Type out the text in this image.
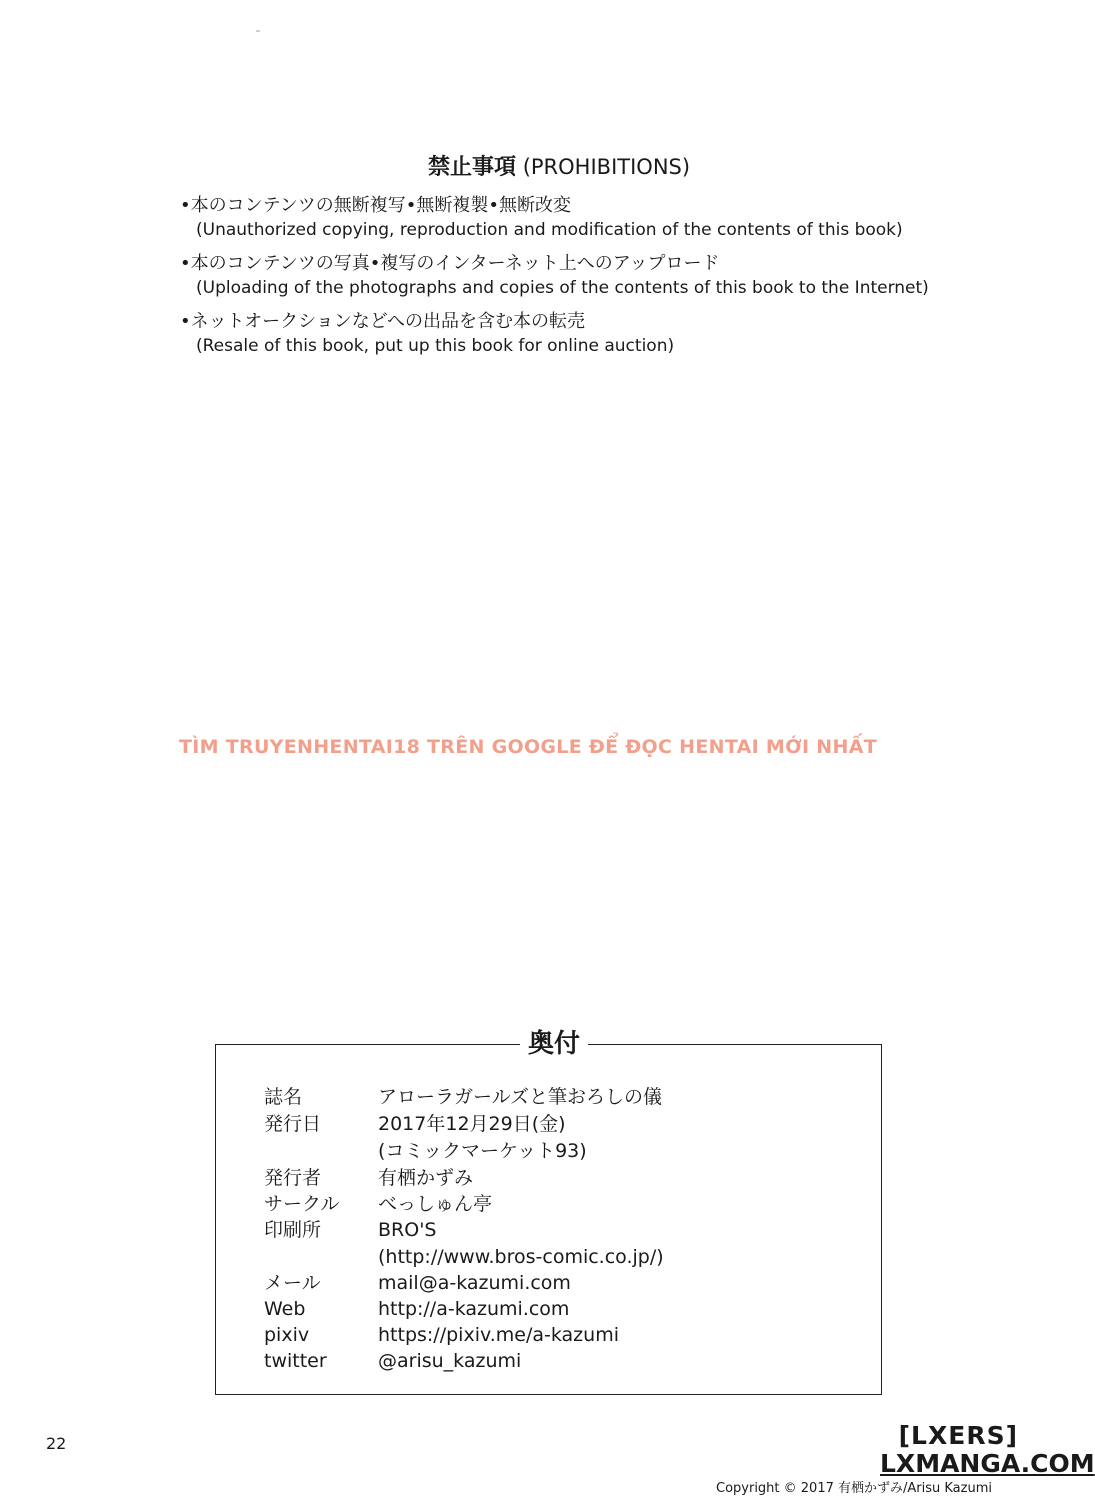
禁止事項 (PROHIBITIONS)
•本のコンテンツの無断複写•無断複製•無断改変
(Unauthorized copying, reproduction and modification of the contents of this book)
•本のコンテンツの写真•複写のインターネット上へのアップロード
(Uploading of the photographs and copies of the contents of this book to the Internet)
•ネットオークションなどへの出品を含む本の転売
(Resale of this book, put up this book for online auction)
TÌM TRUYENHENTAI18 TRÊN GOOGLE ĐỂ ĐỌC HENTAI MỚI NHẤT
奥付
誌名	アローラガールズと筆おろしの儀
発行日	2017年12月29日(金)
(コミックマーケット93)
発行者	有栖かずみ
サークル べっしゅん亭
印刷所	BRO'S
(http://www.bros-comic.co.jp/)
メール	mail@a-kazumi.com
Web	http://a-kazumi.com
pixiv	https://pixiv.me/a-kazumi
twitter	@arisu_kazumi
22	[LXERS]
LXMANGA.COM
Copyright © 2017 有栖かずみ/Arisu Kazumi
